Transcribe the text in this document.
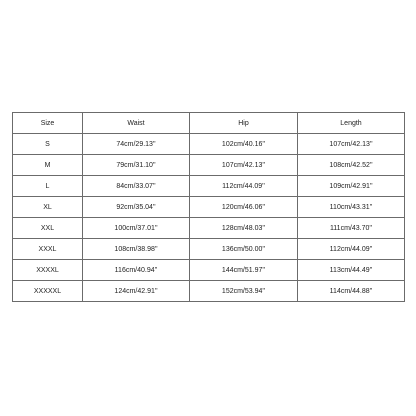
Size	Waist	Hip	Length
S	74cm/29.13''	102cm/40.16''	107cm/42.13''
M	79cm/31.10''	107cm/42.13''	108cm/42.52''
L	84cm/33.07''	112cm/44.09''	109cm/42.91''
XL	92cm/35.04''	120cm/46.06''	110cm/43.31''
XXL	100cm/37.01''	128cm/48.03''	111cm/43.70''
XXXL	108cm/38.98''	136cm/50.00''	112cm/44.09''
XXXXL	116cm/40.94''	144cm/51.97''	113cm/44.49''
XXXXXL	124cm/42.91''	152cm/53.94''	114cm/44.88''
